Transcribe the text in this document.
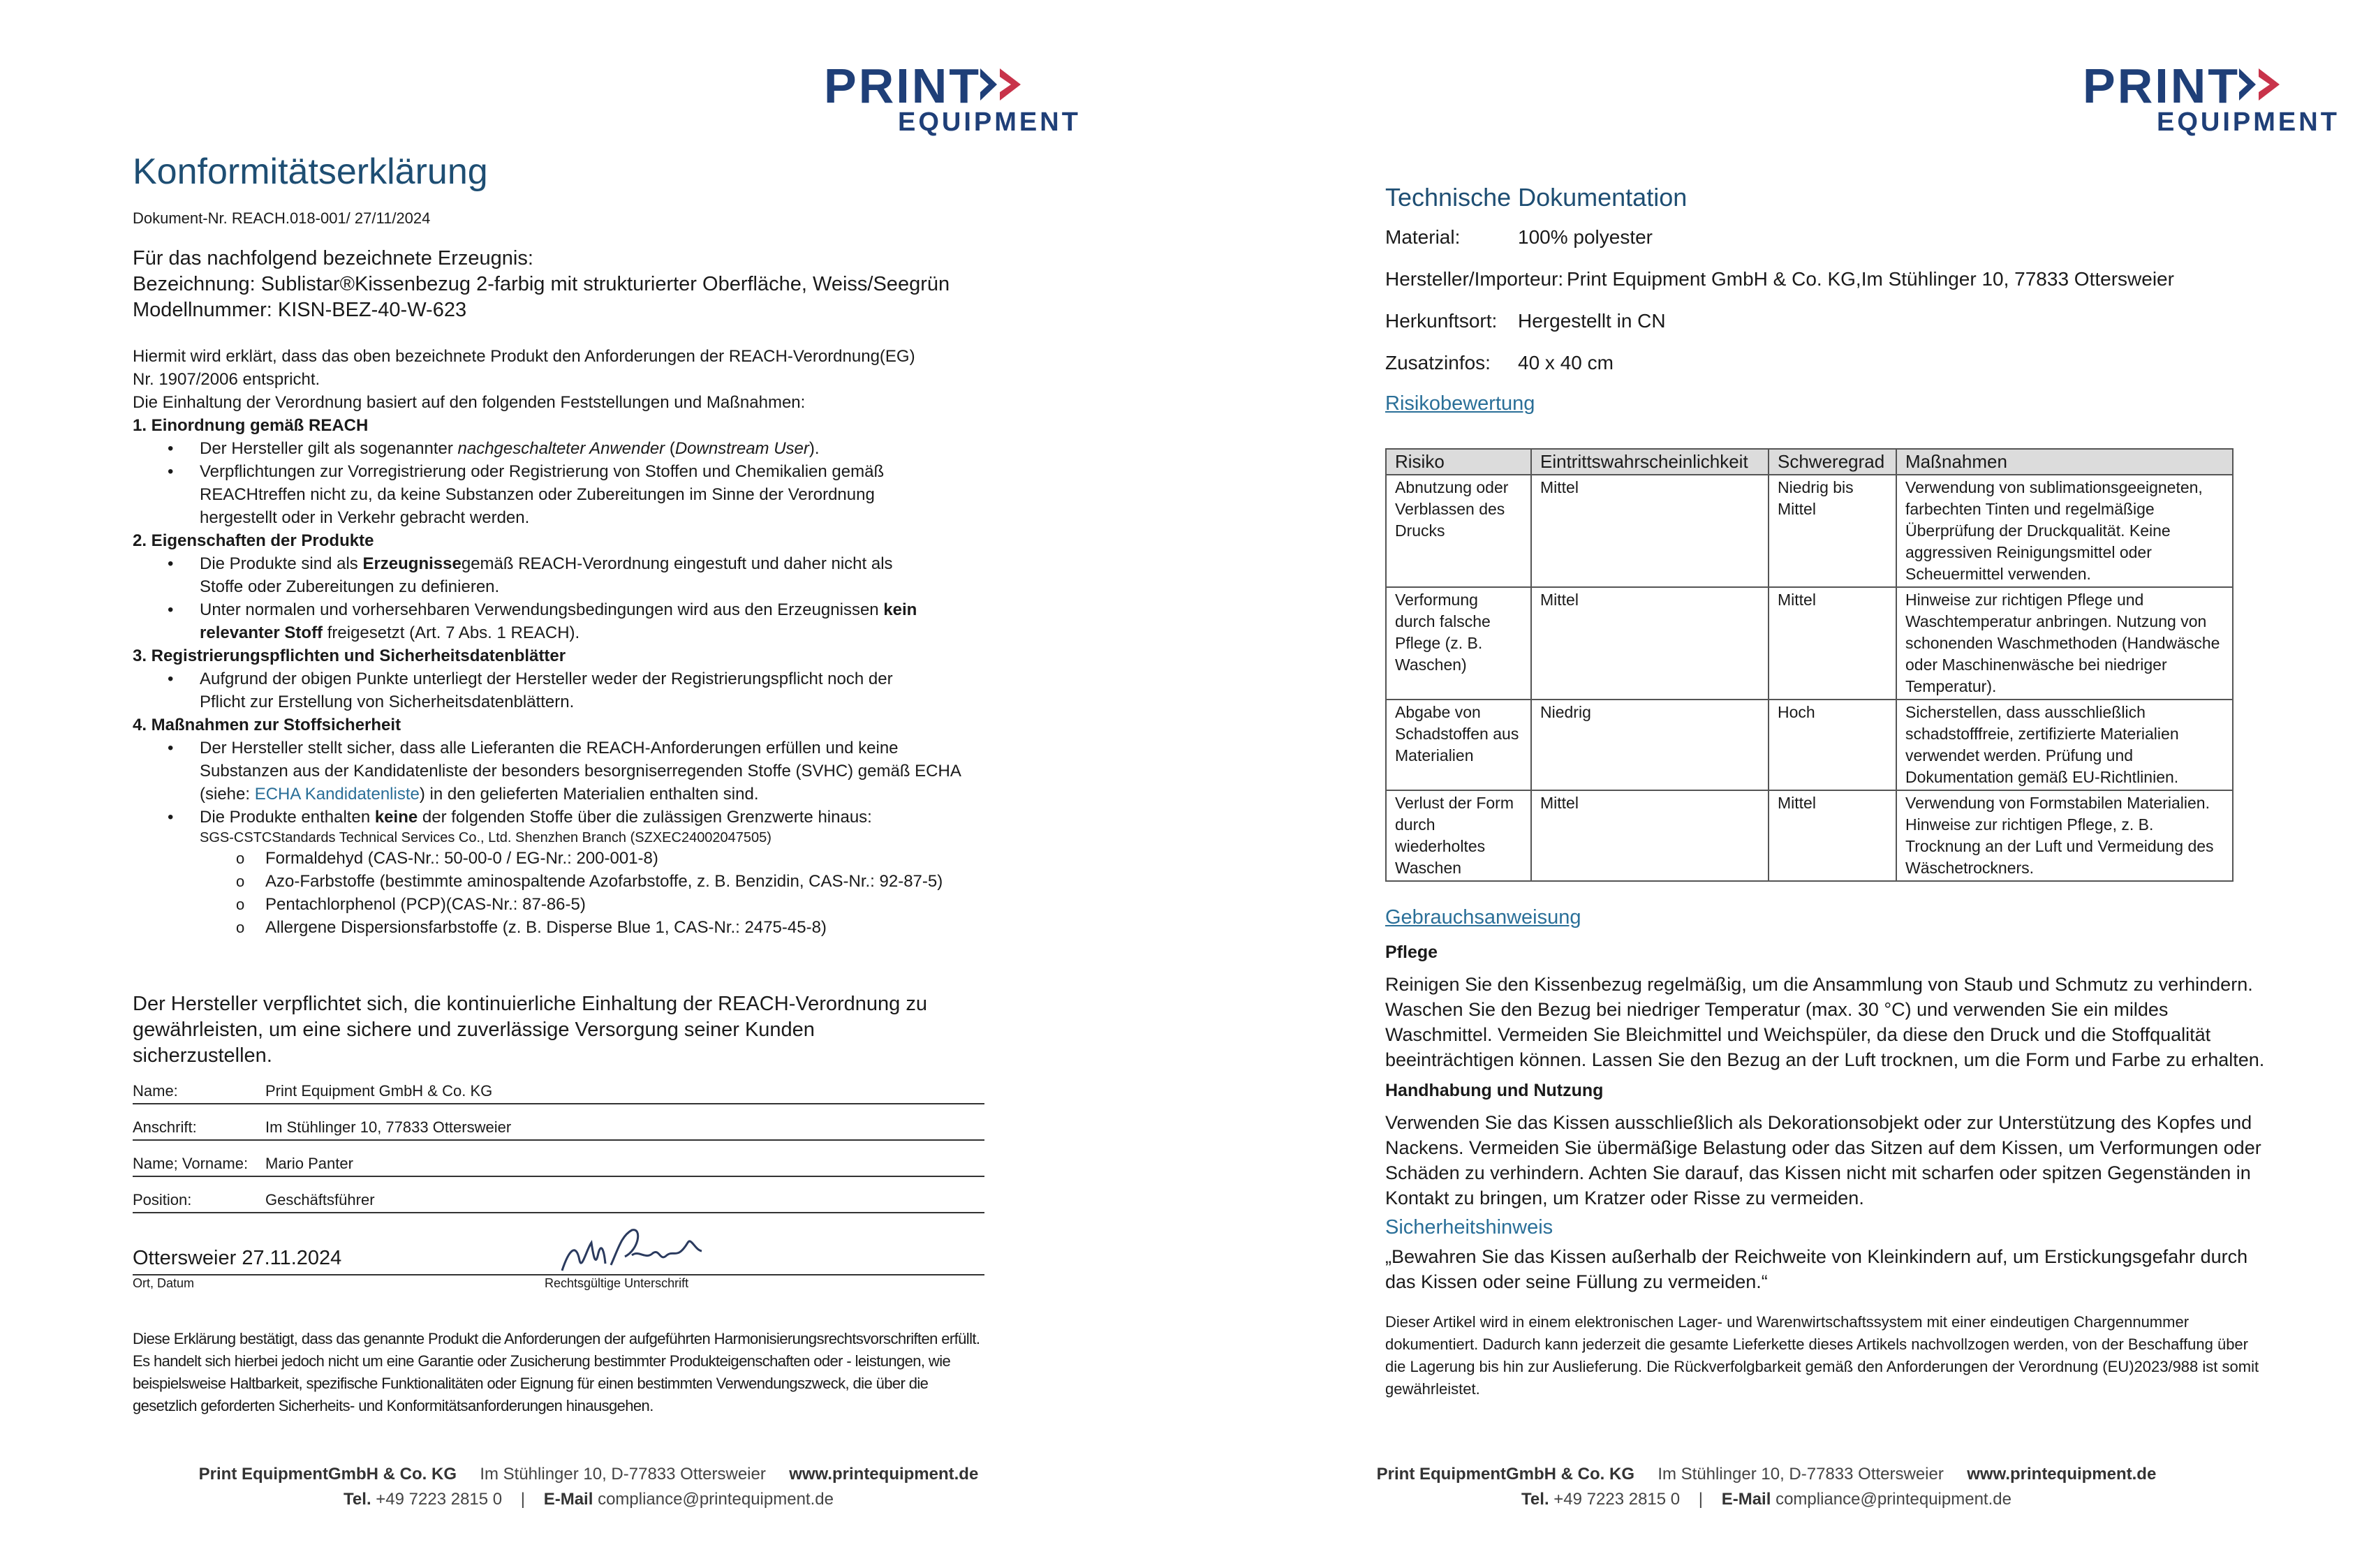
PRINT
EQUIPMENT
Konformitätserklärung
Dokument-Nr. REACH.018-001/ 27/11/2024
Für das nachfolgend bezeichnete Erzeugnis:
Bezeichnung: Sublistar®Kissenbezug 2-farbig mit strukturierter Oberfläche, Weiss/Seegrün
Modellnummer: KISN-BEZ-40-W-623
Hiermit wird erklärt, dass das oben bezeichnete Produkt den Anforderungen der REACH-Verordnung(EG)
Nr. 1907/2006 entspricht.
Die Einhaltung der Verordnung basiert auf den folgenden Feststellungen und Maßnahmen:
1. Einordnung gemäß REACH
• Der Hersteller gilt als sogenannter nachgeschalteter Anwender (Downstream User).
• Verpflichtungen zur Vorregistrierung oder Registrierung von Stoffen und Chemikalien gemäß REACHtreffen nicht zu, da keine Substanzen oder Zubereitungen im Sinne der Verordnung hergestellt oder in Verkehr gebracht werden.
2. Eigenschaften der Produkte
• Die Produkte sind als Erzeugnissegemäß REACH-Verordnung eingestuft und daher nicht als Stoffe oder Zubereitungen zu definieren.
• Unter normalen und vorhersehbaren Verwendungsbedingungen wird aus den Erzeugnissen kein relevanter Stoff freigesetzt (Art. 7 Abs. 1 REACH).
3. Registrierungspflichten und Sicherheitsdatenblätter
• Aufgrund der obigen Punkte unterliegt der Hersteller weder der Registrierungspflicht noch der Pflicht zur Erstellung von Sicherheitsdatenblättern.
4. Maßnahmen zur Stoffsicherheit
• Der Hersteller stellt sicher, dass alle Lieferanten die REACH-Anforderungen erfüllen und keine Substanzen aus der Kandidatenliste der besonders besorgniserregenden Stoffe (SVHC) gemäß ECHA (siehe: ECHA Kandidatenliste) in den gelieferten Materialien enthalten sind.
• Die Produkte enthalten keine der folgenden Stoffe über die zulässigen Grenzwerte hinaus:
SGS-CSTCStandards Technical Services Co., Ltd. Shenzhen Branch (SZXEC24002047505)
o Formaldehyd (CAS-Nr.: 50-00-0 / EG-Nr.: 200-001-8)
o Azo-Farbstoffe (bestimmte aminospaltende Azofarbstoffe, z. B. Benzidin, CAS-Nr.: 92-87-5)
o Pentachlorphenol (PCP)(CAS-Nr.: 87-86-5)
o Allergene Dispersionsfarbstoffe (z. B. Disperse Blue 1, CAS-Nr.: 2475-45-8)
Der Hersteller verpflichtet sich, die kontinuierliche Einhaltung der REACH-Verordnung zu gewährleisten, um eine sichere und zuverlässige Versorgung seiner Kunden sicherzustellen.
Name:	Print Equipment GmbH & Co. KG
Anschrift:	Im Stühlinger 10, 77833 Ottersweier
Name; Vorname:	Mario Panter
Position:	Geschäftsführer
Ottersweier 27.11.2024
Ort, Datum	Rechtsgültige Unterschrift
Diese Erklärung bestätigt, dass das genannte Produkt die Anforderungen der aufgeführten Harmonisierungsrechtsvorschriften erfüllt. Es handelt sich hierbei jedoch nicht um eine Garantie oder Zusicherung bestimmter Produkteigenschaften oder - leistungen, wie beispielsweise Haltbarkeit, spezifische Funktionalitäten oder Eignung für einen bestimmten Verwendungszweck, die über die gesetzlich geforderten Sicherheits- und Konformitätsanforderungen hinausgehen.
Print EquipmentGmbH & Co. KG Im Stühlinger 10, D-77833 Ottersweier www.printequipment.de
Tel. +49 7223 2815 0 | E-Mail compliance@printequipment.de
PRINT
EQUIPMENT
Technische Dokumentation
Material:	100% polyester
Hersteller/Importeur: Print Equipment GmbH & Co. KG,Im Stühlinger 10, 77833 Ottersweier
Herkunftsort: Hergestellt in CN
Zusatzinfos: 40 x 40 cm
Risikobewertung
Risiko	Eintrittswahrscheinlichkeit	Schweregrad	Maßnahmen
Abnutzung oder Verblassen des Drucks	Mittel	Niedrig bis Mittel	Verwendung von sublimationsgeeigneten, farbechten Tinten und regelmäßige Überprüfung der Druckqualität. Keine aggressiven Reinigungsmittel oder Scheuermittel verwenden.
Verformung durch falsche Pflege (z. B. Waschen)	Mittel	Mittel	Hinweise zur richtigen Pflege und Waschtemperatur anbringen. Nutzung von schonenden Waschmethoden (Handwäsche oder Maschinenwäsche bei niedriger Temperatur).
Abgabe von Schadstoffen aus Materialien	Niedrig	Hoch	Sicherstellen, dass ausschließlich schadstofffreie, zertifizierte Materialien verwendet werden. Prüfung und Dokumentation gemäß EU-Richtlinien.
Verlust der Form durch wiederholtes Waschen	Mittel	Mittel	Verwendung von Formstabilen Materialien. Hinweise zur richtigen Pflege, z. B. Trocknung an der Luft und Vermeidung des Wäschetrockners.
Gebrauchsanweisung
Pflege
Reinigen Sie den Kissenbezug regelmäßig, um die Ansammlung von Staub und Schmutz zu verhindern. Waschen Sie den Bezug bei niedriger Temperatur (max. 30 °C) und verwenden Sie ein mildes Waschmittel. Vermeiden Sie Bleichmittel und Weichspüler, da diese den Druck und die Stoffqualität beeinträchtigen können. Lassen Sie den Bezug an der Luft trocknen, um die Form und Farbe zu erhalten.
Handhabung und Nutzung
Verwenden Sie das Kissen ausschließlich als Dekorationsobjekt oder zur Unterstützung des Kopfes und Nackens. Vermeiden Sie übermäßige Belastung oder das Sitzen auf dem Kissen, um Verformungen oder Schäden zu verhindern. Achten Sie darauf, das Kissen nicht mit scharfen oder spitzen Gegenständen in Kontakt zu bringen, um Kratzer oder Risse zu vermeiden.
Sicherheitshinweis
„Bewahren Sie das Kissen außerhalb der Reichweite von Kleinkindern auf, um Erstickungsgefahr durch das Kissen oder seine Füllung zu vermeiden.“
Dieser Artikel wird in einem elektronischen Lager- und Warenwirtschaftssystem mit einer eindeutigen Chargennummer dokumentiert. Dadurch kann jederzeit die gesamte Lieferkette dieses Artikels nachvollzogen werden, von der Beschaffung über die Lagerung bis hin zur Auslieferung. Die Rückverfolgbarkeit gemäß den Anforderungen der Verordnung (EU)2023/988 ist somit gewährleistet.
Print EquipmentGmbH & Co. KG Im Stühlinger 10, D-77833 Ottersweier www.printequipment.de
Tel. +49 7223 2815 0 | E-Mail compliance@printequipment.de
